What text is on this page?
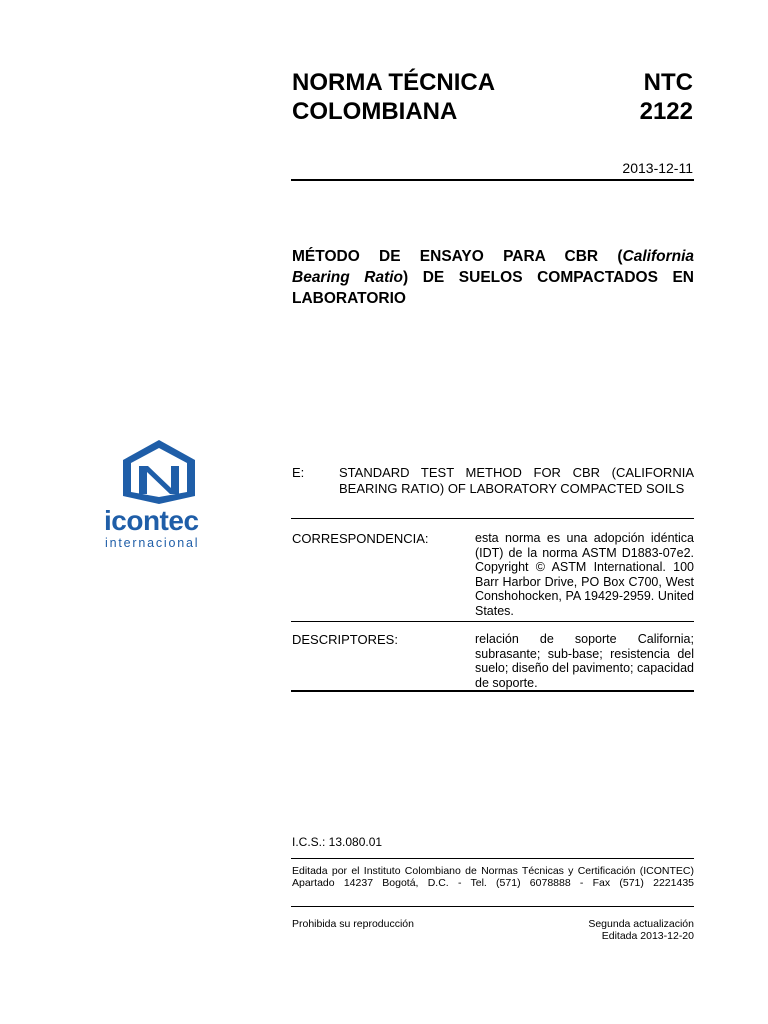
NORMA TÉCNICA
COLOMBIANA
NTC
2122
2013-12-11
MÉTODO DE ENSAYO PARA CBR (California
Bearing Ratio) DE SUELOS COMPACTADOS EN
LABORATORIO
icontec
internacional
E:	STANDARD TEST METHOD FOR CBR (CALIFORNIA BEARING RATIO) OF LABORATORY COMPACTED SOILS
CORRESPONDENCIA:	esta norma es una adopción idéntica (IDT) de la norma ASTM D1883-07e2. Copyright © ASTM International. 100 Barr Harbor Drive, PO Box C700, West Conshohocken, PA 19429-2959. United States.
DESCRIPTORES:	relación de soporte California; subrasante; sub-base; resistencia del suelo; diseño del pavimento; capacidad de soporte.
I.C.S.: 13.080.01
Editada por el Instituto Colombiano de Normas Técnicas y Certificación (ICONTEC)
Apartado 14237 Bogotá, D.C. - Tel. (571) 6078888 - Fax (571) 2221435
Prohibida su reproducción	Segunda actualización
Editada 2013-12-20
